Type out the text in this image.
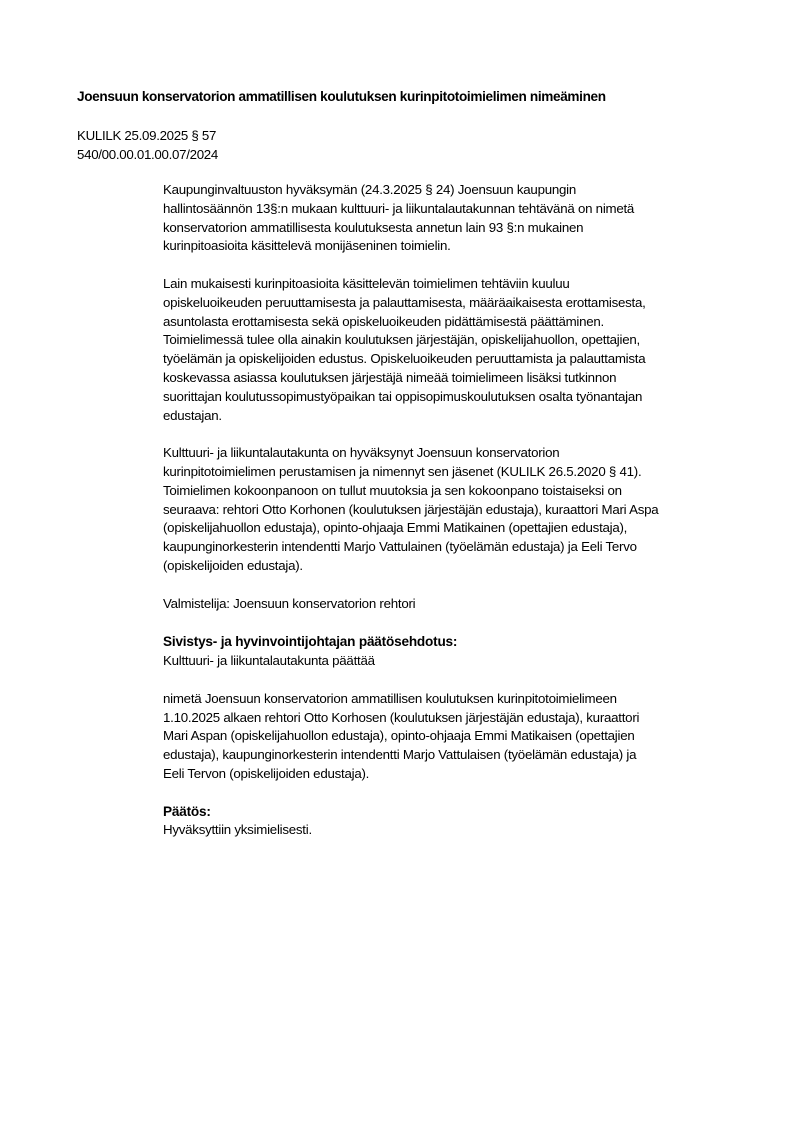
Joensuun konservatorion ammatillisen koulutuksen kurinpitotoimielimen nimeäminen
KULILK 25.09.2025 § 57
540/00.00.01.00.07/2024
Kaupunginvaltuuston hyväksymän (24.3.2025 § 24) Joensuun kaupungin
hallintosäännön 13§:n mukaan kulttuuri- ja liikuntalautakunnan tehtävänä on nimetä
konservatorion ammatillisesta koulutuksesta annetun lain 93 §:n mukainen
kurinpitoasioita käsittelevä monijäseninen toimielin.
Lain mukaisesti kurinpitoasioita käsittelevän toimielimen tehtäviin kuuluu
opiskeluoikeuden peruuttamisesta ja palauttamisesta, määräaikaisesta erottamisesta,
asuntolasta erottamisesta sekä opiskeluoikeuden pidättämisestä päättäminen.
Toimielimessä tulee olla ainakin koulutuksen järjestäjän, opiskelijahuollon, opettajien,
työelämän ja opiskelijoiden edustus. Opiskeluoikeuden peruuttamista ja palauttamista
koskevassa asiassa koulutuksen järjestäjä nimeää toimielimeen lisäksi tutkinnon
suorittajan koulutussopimustyöpaikan tai oppisopimuskoulutuksen osalta työnantajan
edustajan.
Kulttuuri- ja liikuntalautakunta on hyväksynyt Joensuun konservatorion
kurinpitotoimielimen perustamisen ja nimennyt sen jäsenet (KULILK 26.5.2020 § 41).
Toimielimen kokoonpanoon on tullut muutoksia ja sen kokoonpano toistaiseksi on
seuraava: rehtori Otto Korhonen (koulutuksen järjestäjän edustaja), kuraattori Mari Aspa
(opiskelijahuollon edustaja), opinto-ohjaaja Emmi Matikainen (opettajien edustaja),
kaupunginorkesterin intendentti Marjo Vattulainen (työelämän edustaja) ja Eeli Tervo
(opiskelijoiden edustaja).
Valmistelija: Joensuun konservatorion rehtori
Sivistys- ja hyvinvointijohtajan päätösehdotus:
Kulttuuri- ja liikuntalautakunta päättää
nimetä Joensuun konservatorion ammatillisen koulutuksen kurinpitotoimielimeen
1.10.2025 alkaen rehtori Otto Korhosen (koulutuksen järjestäjän edustaja), kuraattori
Mari Aspan (opiskelijahuollon edustaja), opinto-ohjaaja Emmi Matikaisen (opettajien
edustaja), kaupunginorkesterin intendentti Marjo Vattulaisen (työelämän edustaja) ja
Eeli Tervon (opiskelijoiden edustaja).
Päätös:
Hyväksyttiin yksimielisesti.
